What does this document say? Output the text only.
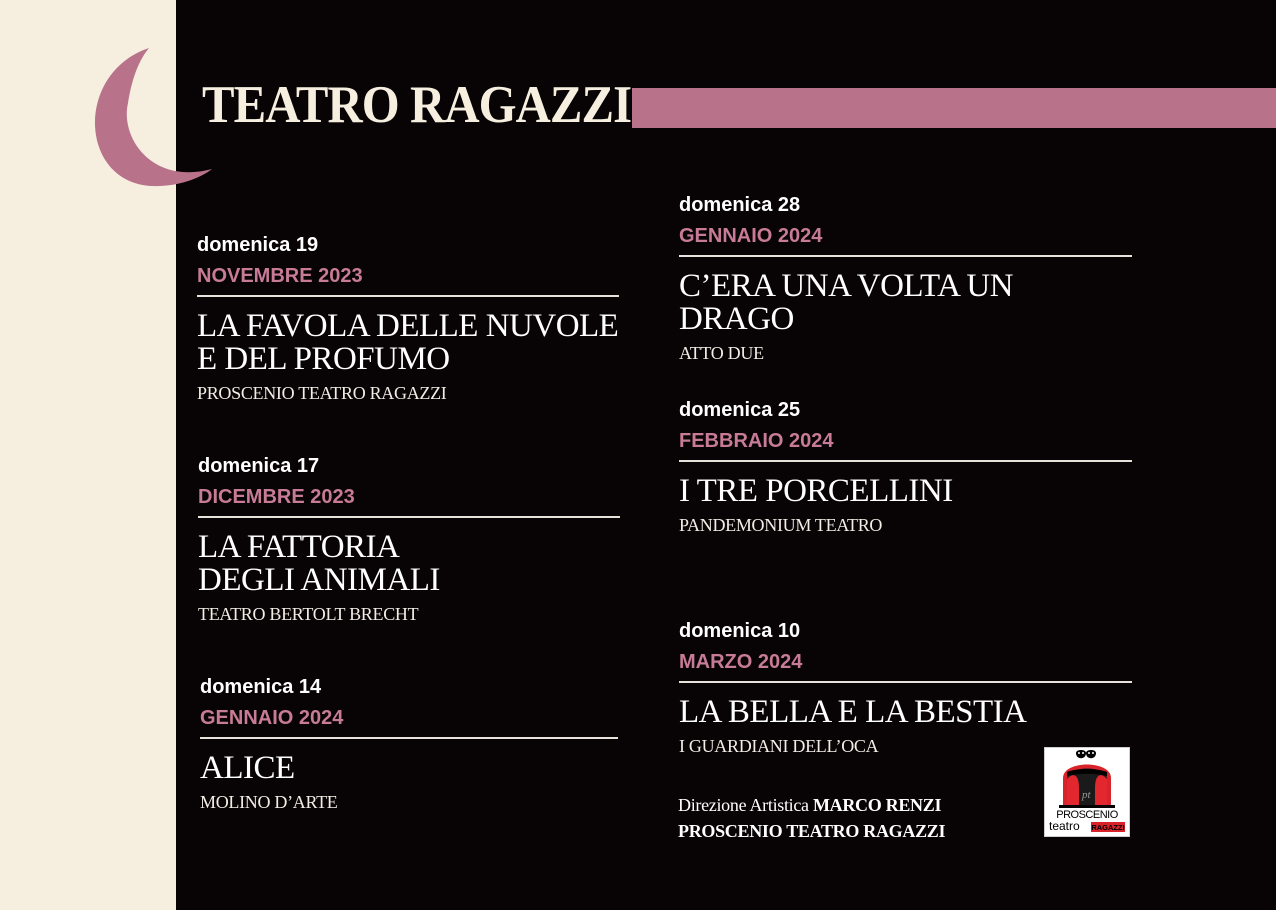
TEATRO RAGAZZI
domenica 19
NOVEMBRE 2023
LA FAVOLA DELLE NUVOLE
E DEL PROFUMO
PROSCENIO TEATRO RAGAZZI
domenica 17
DICEMBRE 2023
LA FATTORIA
DEGLI ANIMALI
TEATRO BERTOLT BRECHT
domenica 14
GENNAIO 2024
ALICE
MOLINO D’ARTE
domenica 28
GENNAIO 2024
C’ERA UNA VOLTA UN DRAGO
ATTO DUE
domenica 25
FEBBRAIO 2024
I TRE PORCELLINI
PANDEMONIUM TEATRO
domenica 10
MARZO 2024
LA BELLA E LA BESTIA
I GUARDIANI DELL’OCA
Direzione Artistica MARCO RENZI
PROSCENIO TEATRO RAGAZZI
pt
PROSCENIO
teatro RAGAZZI
